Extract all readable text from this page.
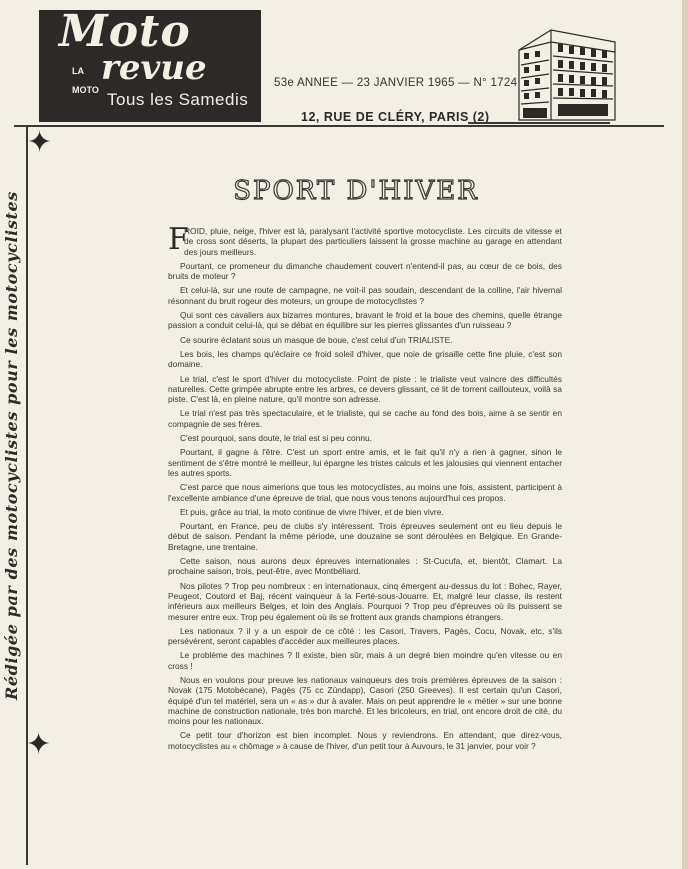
Moto
LA revue
MOTO Tous les Samedis
53e ANNEE — 23 JANVIER 1965 — N° 1724
12, RUE DE CLÉRY, PARIS (2)
✦
✦
Rédigée par des motocyclistes pour les motocyclistes
SPORT D'HIVER

F
ROID, pluie, neige, l'hiver est là, paralysant l'activité sportive motocycliste. Les circuits de vitesse et de cross sont déserts, la plupart des particuliers laissent la grosse machine au garage en attendant des jours meilleurs.

Pourtant, ce promeneur du dimanche chaudement couvert n'entend-il pas, au cœur de ce bois, des bruits de moteur ?

Et celui-là, sur une route de campagne, ne voit-il pas soudain, descendant de la colline, l'air hivernal résonnant du bruit rogeur des moteurs, un groupe de motocyclistes ?

Qui sont ces cavaliers aux bizarres montures, bravant le froid et la boue des chemins, quelle étrange passion a conduit celui-là, qui se débat en équilibre sur les pierres glissantes d'un ruisseau ?

Ce sourire éclatant sous un masque de boue, c'est celui d'un TRIALISTE.

Les bois, les champs qu'éclaire ce froid soleil d'hiver, que noie de grisaille cette fine pluie, c'est son domaine.

Le trial, c'est le sport d'hiver du motocycliste. Point de piste : le trialiste veut vaincre des difficultés naturelles. Cette grimpée abrupte entre les arbres, ce devers glissant, ce lit de torrent caillouteux, voilà sa piste. C'est là, en pleine nature, qu'il montre son adresse.

Le trial n'est pas très spectaculaire, et le trialiste, qui se cache au fond des bois, aime à se sentir en compagnie de ses frères.

C'est pourquoi, sans doute, le trial est si peu connu.

Pourtant, il gagne à l'être. C'est un sport entre amis, et le fait qu'il n'y a rien à gagner, sinon le sentiment de s'être montré le meilleur, lui épargne les tristes calculs et les jalousies qui viennent entacher les autres sports.

C'est parce que nous aimerions que tous les motocyclistes, au moins une fois, assistent, participent à l'excellente ambiance d'une épreuve de trial, que nous vous tenons aujourd'hui ces propos.

Et puis, grâce au trial, la moto continue de vivre l'hiver, et de bien vivre.

Pourtant, en France, peu de clubs s'y intéressent. Trois épreuves seulement ont eu lieu depuis le début de saison. Pendant la même période, une douzaine se sont déroulées en Belgique. En Grande-Bretagne, une trentaine.

Cette saison, nous aurons deux épreuves internationales : St-Cucufa, et, bientôt, Clamart. La prochaine saison, trois, peut-être, avec Montbéliard.

Nos pilotes ? Trop peu nombreux : en internationaux, cinq émergent au-dessus du lot : Bohec, Rayer, Peugeot, Coutord et Baj, récent vainqueur à la Ferté-sous-Jouarre. Et, malgré leur classe, ils restent inférieurs aux meilleurs Belges, et loin des Anglais. Pourquoi ? Trop peu d'épreuves où ils puissent se mesurer entre eux. Trop peu également où ils se frottent aux grands champions étrangers.

Les nationaux ? il y a un espoir de ce côté : les Casori, Travers, Pagès, Cocu, Novak, etc, s'ils persévèrent, seront capables d'accéder aux meilleures places.

Le problème des machines ? Il existe, bien sûr, mais à un degré bien moindre qu'en vitesse ou en cross !

Nous en voulons pour preuve les nationaux vainqueurs des trois premières épreuves de la saison : Novak (175 Motobécane), Pagès (75 cc Zündapp), Casori (250 Greeves). Il est certain qu'un Casori, équipé d'un tel matériel, sera un « as » dur à avaler. Mais on peut apprendre le « métier » sur une bonne machine de construction nationale, très bon marché. Et les bricoleurs, en trial, ont encore droit de cité, du moins pour les nationaux.

Ce petit tour d'horizon est bien incomplet. Nous y reviendrons. En attendant, que direz-vous, motocyclistes au « chômage » à cause de l'hiver, d'un petit tour à Auvours, le 31 janvier, pour voir ?
